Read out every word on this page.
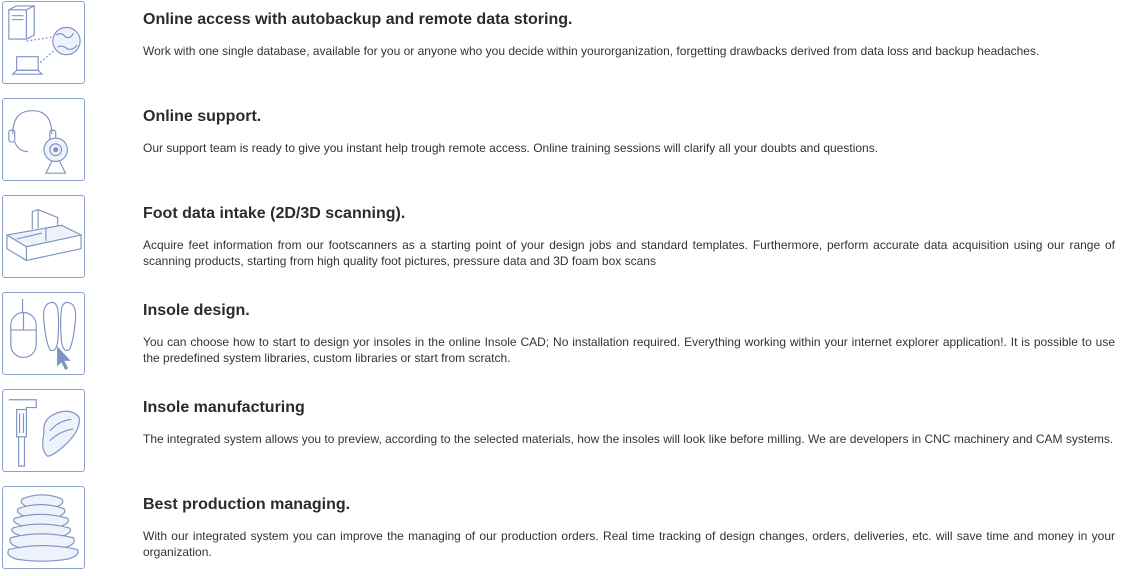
Online access with autobackup and remote data storing.
Work with one single database, available for you or anyone who you decide within yourorganization, forgetting drawbacks derived from data loss and backup headaches.
Online support.
Our support team is ready to give you instant help trough remote access. Online training sessions will clarify all your doubts and questions.
Foot data intake (2D/3D scanning).
Acquire feet information from our footscanners as a starting point of your design jobs and standard templates. Furthermore, perform accurate data acquisition using our range of scanning products, starting from high quality foot pictures, pressure data and 3D foam box scans
Insole design.
You can choose how to start to design yor insoles in the online Insole CAD; No installation required. Everything working within your internet explorer application!. It is possible to use the predefined system libraries, custom libraries or start from scratch.
Insole manufacturing
The integrated system allows you to preview, according to the selected materials, how the insoles will look like before milling. We are developers in CNC machinery and CAM systems.
Best production managing.
With our integrated system you can improve the managing of our production orders. Real time tracking of design changes, orders, deliveries, etc. will save time and money in your organization.
